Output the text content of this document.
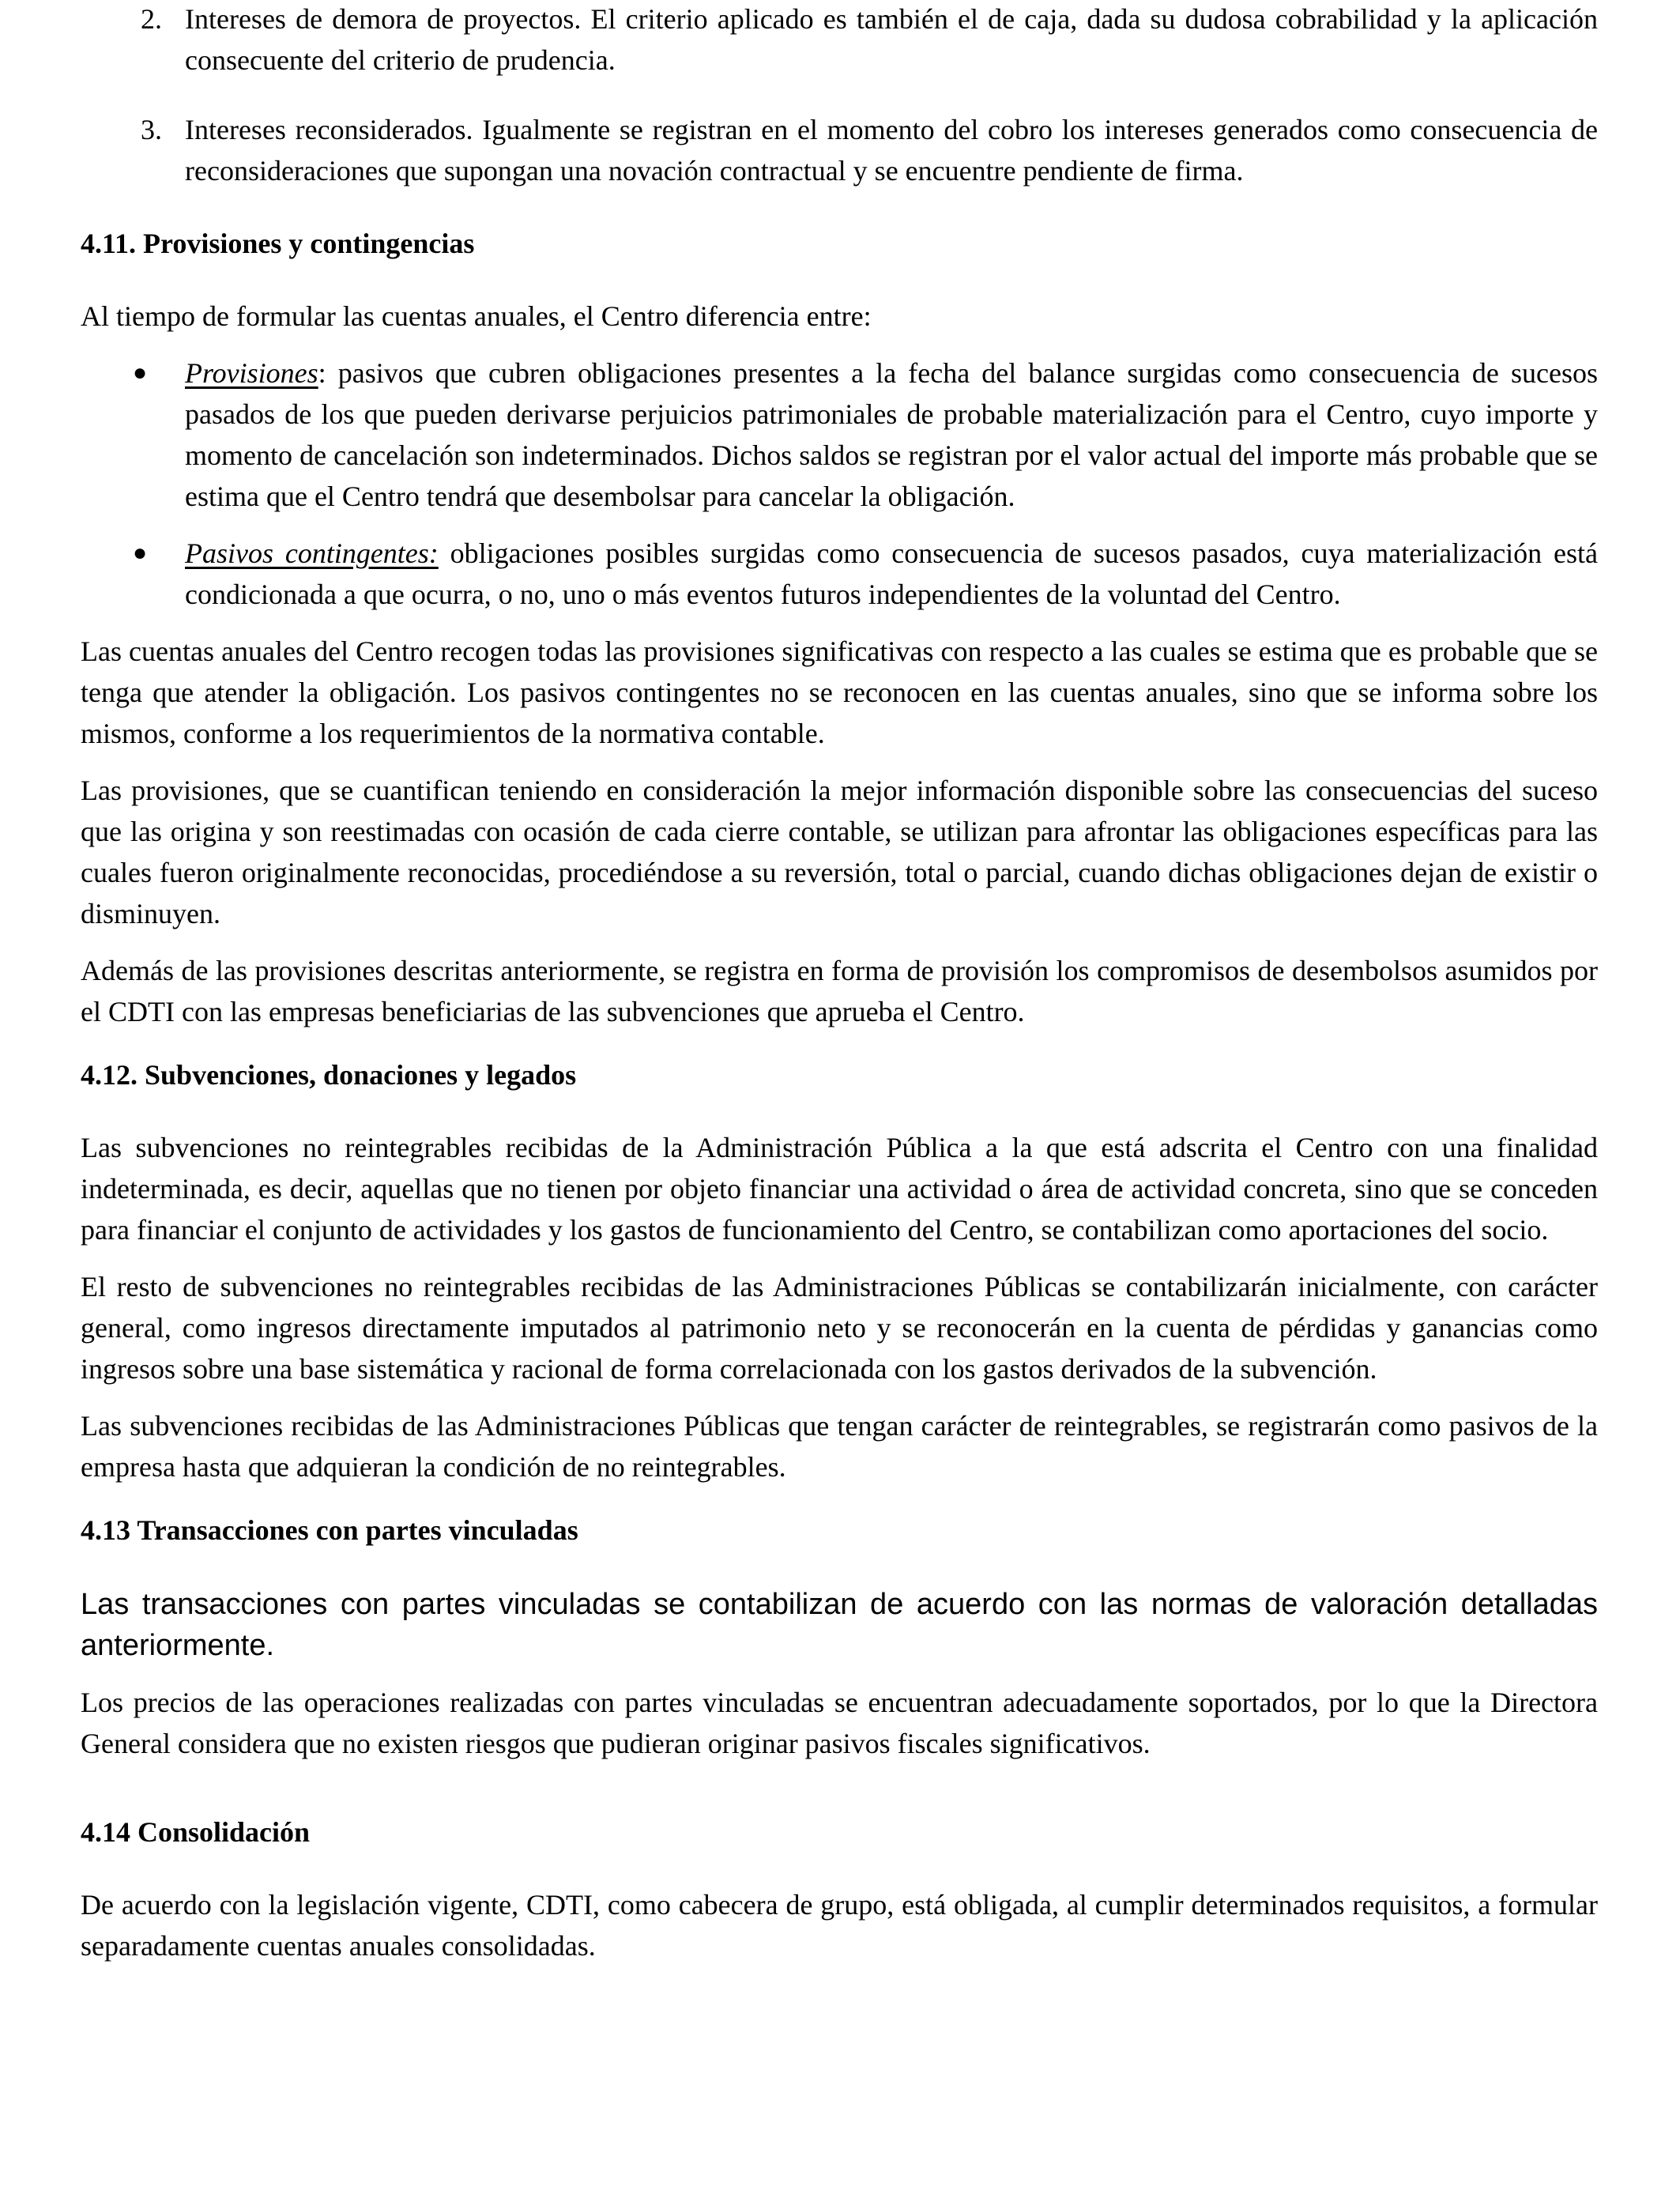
2. Intereses de demora de proyectos. El criterio aplicado es también el de caja, dada su dudosa cobrabilidad y la aplicación consecuente del criterio de prudencia.
3. Intereses reconsiderados. Igualmente se registran en el momento del cobro los intereses generados como consecuencia de reconsideraciones que supongan una novación contractual y se encuentre pendiente de firma.
4.11. Provisiones y contingencias

Al tiempo de formular las cuentas anuales, el Centro diferencia entre:

● Provisiones: pasivos que cubren obligaciones presentes a la fecha del balance surgidas como consecuencia de sucesos pasados de los que pueden derivarse perjuicios patrimoniales de probable materialización para el Centro, cuyo importe y momento de cancelación son indeterminados. Dichos saldos se registran por el valor actual del importe más probable que se estima que el Centro tendrá que desembolsar para cancelar la obligación.
● Pasivos contingentes: obligaciones posibles surgidas como consecuencia de sucesos pasados, cuya materialización está condicionada a que ocurra, o no, uno o más eventos futuros independientes de la voluntad del Centro.

Las cuentas anuales del Centro recogen todas las provisiones significativas con respecto a las cuales se estima que es probable que se tenga que atender la obligación. Los pasivos contingentes no se reconocen en las cuentas anuales, sino que se informa sobre los mismos, conforme a los requerimientos de la normativa contable.

Las provisiones, que se cuantifican teniendo en consideración la mejor información disponible sobre las consecuencias del suceso que las origina y son reestimadas con ocasión de cada cierre contable, se utilizan para afrontar las obligaciones específicas para las cuales fueron originalmente reconocidas, procediéndose a su reversión, total o parcial, cuando dichas obligaciones dejan de existir o disminuyen.

Además de las provisiones descritas anteriormente, se registra en forma de provisión los compromisos de desembolsos asumidos por el CDTI con las empresas beneficiarias de las subvenciones que aprueba el Centro.

4.12. Subvenciones, donaciones y legados

Las subvenciones no reintegrables recibidas de la Administración Pública a la que está adscrita el Centro con una finalidad indeterminada, es decir, aquellas que no tienen por objeto financiar una actividad o área de actividad concreta, sino que se conceden para financiar el conjunto de actividades y los gastos de funcionamiento del Centro, se contabilizan como aportaciones del socio.

El resto de subvenciones no reintegrables recibidas de las Administraciones Públicas se contabilizarán inicialmente, con carácter general, como ingresos directamente imputados al patrimonio neto y se reconocerán en la cuenta de pérdidas y ganancias como ingresos sobre una base sistemática y racional de forma correlacionada con los gastos derivados de la subvención.

Las subvenciones recibidas de las Administraciones Públicas que tengan carácter de reintegrables, se registrarán como pasivos de la empresa hasta que adquieran la condición de no reintegrables.

4.13 Transacciones con partes vinculadas

Las transacciones con partes vinculadas se contabilizan de acuerdo con las normas de valoración detalladas anteriormente.

Los precios de las operaciones realizadas con partes vinculadas se encuentran adecuadamente soportados, por lo que la Directora General considera que no existen riesgos que pudieran originar pasivos fiscales significativos.

4.14 Consolidación

De acuerdo con la legislación vigente, CDTI, como cabecera de grupo, está obligada, al cumplir determinados requisitos, a formular separadamente cuentas anuales consolidadas.
